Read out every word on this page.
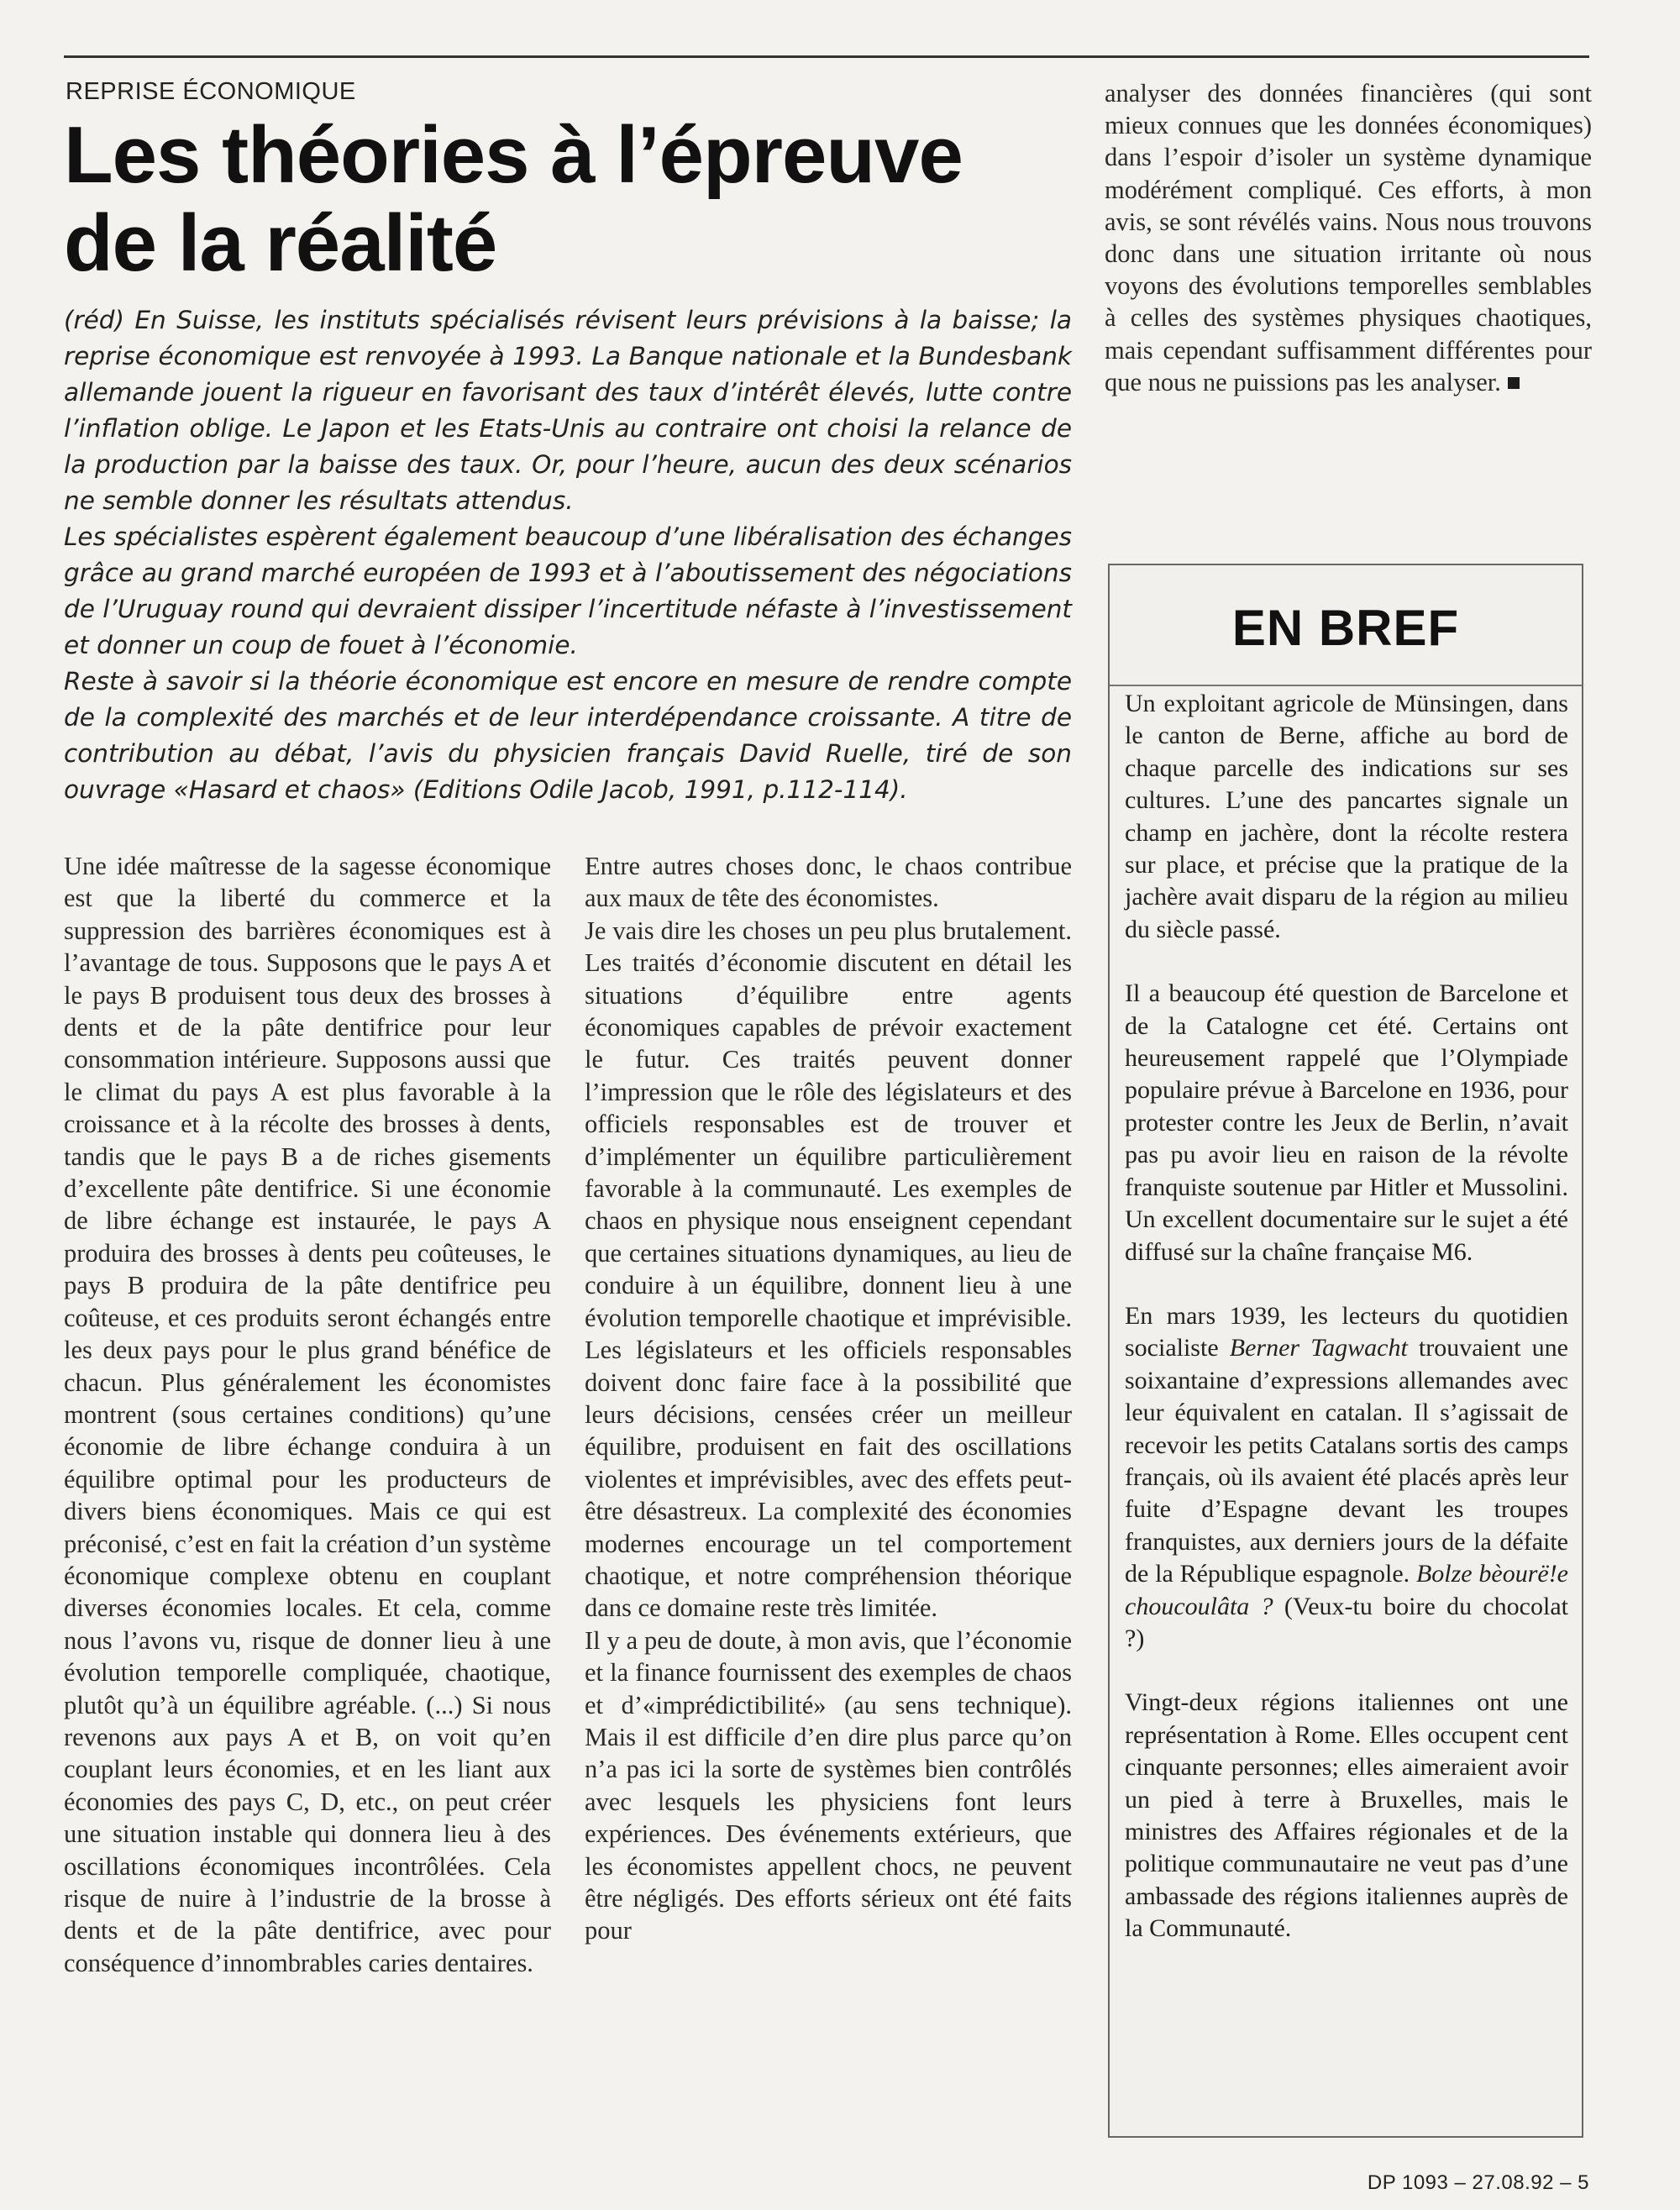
REPRISE ÉCONOMIQUE
Les théories à l’épreuve
de la réalité

(réd) En Suisse, les instituts spécialisés révisent leurs prévisions à la baisse; la reprise économique est renvoyée à 1993. La Banque nationale et la Bundesbank allemande jouent la rigueur en favorisant des taux d’intérêt élevés, lutte contre l’inflation oblige. Le Japon et les Etats-Unis au contraire ont choisi la relance de la production par la baisse des taux. Or, pour l’heure, aucun des deux scénarios ne semble donner les résultats attendus.

Les spécialistes espèrent également beaucoup d’une libéralisation des échanges grâce au grand marché européen de 1993 et à l’aboutissement des négociations de l’Uruguay round qui devraient dissiper l’incertitude néfaste à l’investissement et donner un coup de fouet à l’économie.

Reste à savoir si la théorie économique est encore en mesure de rendre compte de la complexité des marchés et de leur interdépendance croissante. A titre de contribution au débat, l’avis du physicien français David Ruelle, tiré de son ouvrage «Hasard et chaos» (Editions Odile Jacob, 1991, p.112-114).

Une idée maîtresse de la sagesse économique est que la liberté du commerce et la suppression des barrières économiques est à l’avantage de tous. Supposons que le pays A et le pays B produisent tous deux des brosses à dents et de la pâte dentifrice pour leur consommation intérieure. Supposons aussi que le climat du pays A est plus favorable à la croissance et à la récolte des brosses à dents, tandis que le pays B a de riches gisements d’excellente pâte dentifrice. Si une économie de libre échange est instaurée, le pays A produira des brosses à dents peu coûteuses, le pays B produira de la pâte dentifrice peu coûteuse, et ces produits seront échangés entre les deux pays pour le plus grand bénéfice de chacun. Plus généralement les économistes montrent (sous certaines conditions) qu’une économie de libre échange conduira à un équilibre optimal pour les producteurs de divers biens économiques. Mais ce qui est préconisé, c’est en fait la création d’un système économique complexe obtenu en couplant diverses économies locales. Et cela, comme nous l’avons vu, risque de donner lieu à une évolution temporelle compliquée, chaotique, plutôt qu’à un équilibre agréable. (...) Si nous revenons aux pays A et B, on voit qu’en couplant leurs économies, et en les liant aux économies des pays C, D, etc., on peut créer une situation instable qui donnera lieu à des oscillations économiques incontrôlées. Cela risque de nuire à l’industrie de la brosse à dents et de la pâte dentifrice, avec pour conséquence d’innombrables caries dentaires.

Entre autres choses donc, le chaos contribue aux maux de tête des économistes.

Je vais dire les choses un peu plus brutalement. Les traités d’économie discutent en détail les situations d’équilibre entre agents économiques capables de prévoir exactement le futur. Ces traités peuvent donner l’impression que le rôle des législateurs et des officiels responsables est de trouver et d’implémenter un équilibre particulièrement favorable à la communauté. Les exemples de chaos en physique nous enseignent cependant que certaines situations dynamiques, au lieu de conduire à un équilibre, donnent lieu à une évolution temporelle chaotique et imprévisible. Les législateurs et les officiels responsables doivent donc faire face à la possibilité que leurs décisions, censées créer un meilleur équilibre, produisent en fait des oscillations violentes et imprévisibles, avec des effets peut-être désastreux. La complexité des économies modernes encourage un tel comportement chaotique, et notre compréhension théorique dans ce domaine reste très limitée.

Il y a peu de doute, à mon avis, que l’économie et la finance fournissent des exemples de chaos et d’«imprédictibilité» (au sens technique). Mais il est difficile d’en dire plus parce qu’on n’a pas ici la sorte de systèmes bien contrôlés avec lesquels les physiciens font leurs expériences. Des événements extérieurs, que les économistes appellent chocs, ne peuvent être négligés. Des efforts sérieux ont été faits pour

analyser des données financières (qui sont mieux connues que les données économiques) dans l’espoir d’isoler un système dynamique modérément compliqué. Ces efforts, à mon avis, se sont révélés vains. Nous nous trouvons donc dans une situation irritante où nous voyons des évolutions temporelles semblables à celles des systèmes physiques chaotiques, mais cependant suffisamment différentes pour que nous ne puissions pas les analyser.

EN BREF

Un exploitant agricole de Münsingen, dans le canton de Berne, affiche au bord de chaque parcelle des indications sur ses cultures. L’une des pancartes signale un champ en jachère, dont la récolte restera sur place, et précise que la pratique de la jachère avait disparu de la région au milieu du siècle passé.

Il a beaucoup été question de Barcelone et de la Catalogne cet été. Certains ont heureusement rappelé que l’Olympiade populaire prévue à Barcelone en 1936, pour protester contre les Jeux de Berlin, n’avait pas pu avoir lieu en raison de la révolte franquiste soutenue par Hitler et Mussolini. Un excellent documentaire sur le sujet a été diffusé sur la chaîne française M6.

En mars 1939, les lecteurs du quotidien socialiste Berner Tagwacht trouvaient une soixantaine d’expressions allemandes avec leur équivalent en catalan. Il s’agissait de recevoir les petits Catalans sortis des camps français, où ils avaient été placés après leur fuite d’Espagne devant les troupes franquistes, aux derniers jours de la défaite de la République espagnole. Bolze bèourë!e choucoulâta ? (Veux-tu boire du chocolat ?)

Vingt-deux régions italiennes ont une représentation à Rome. Elles occupent cent cinquante personnes; elles aimeraient avoir un pied à terre à Bruxelles, mais le ministres des Affaires régionales et de la politique communautaire ne veut pas d’une ambassade des régions italiennes auprès de la Communauté.

DP 1093 – 27.08.92 – 5
